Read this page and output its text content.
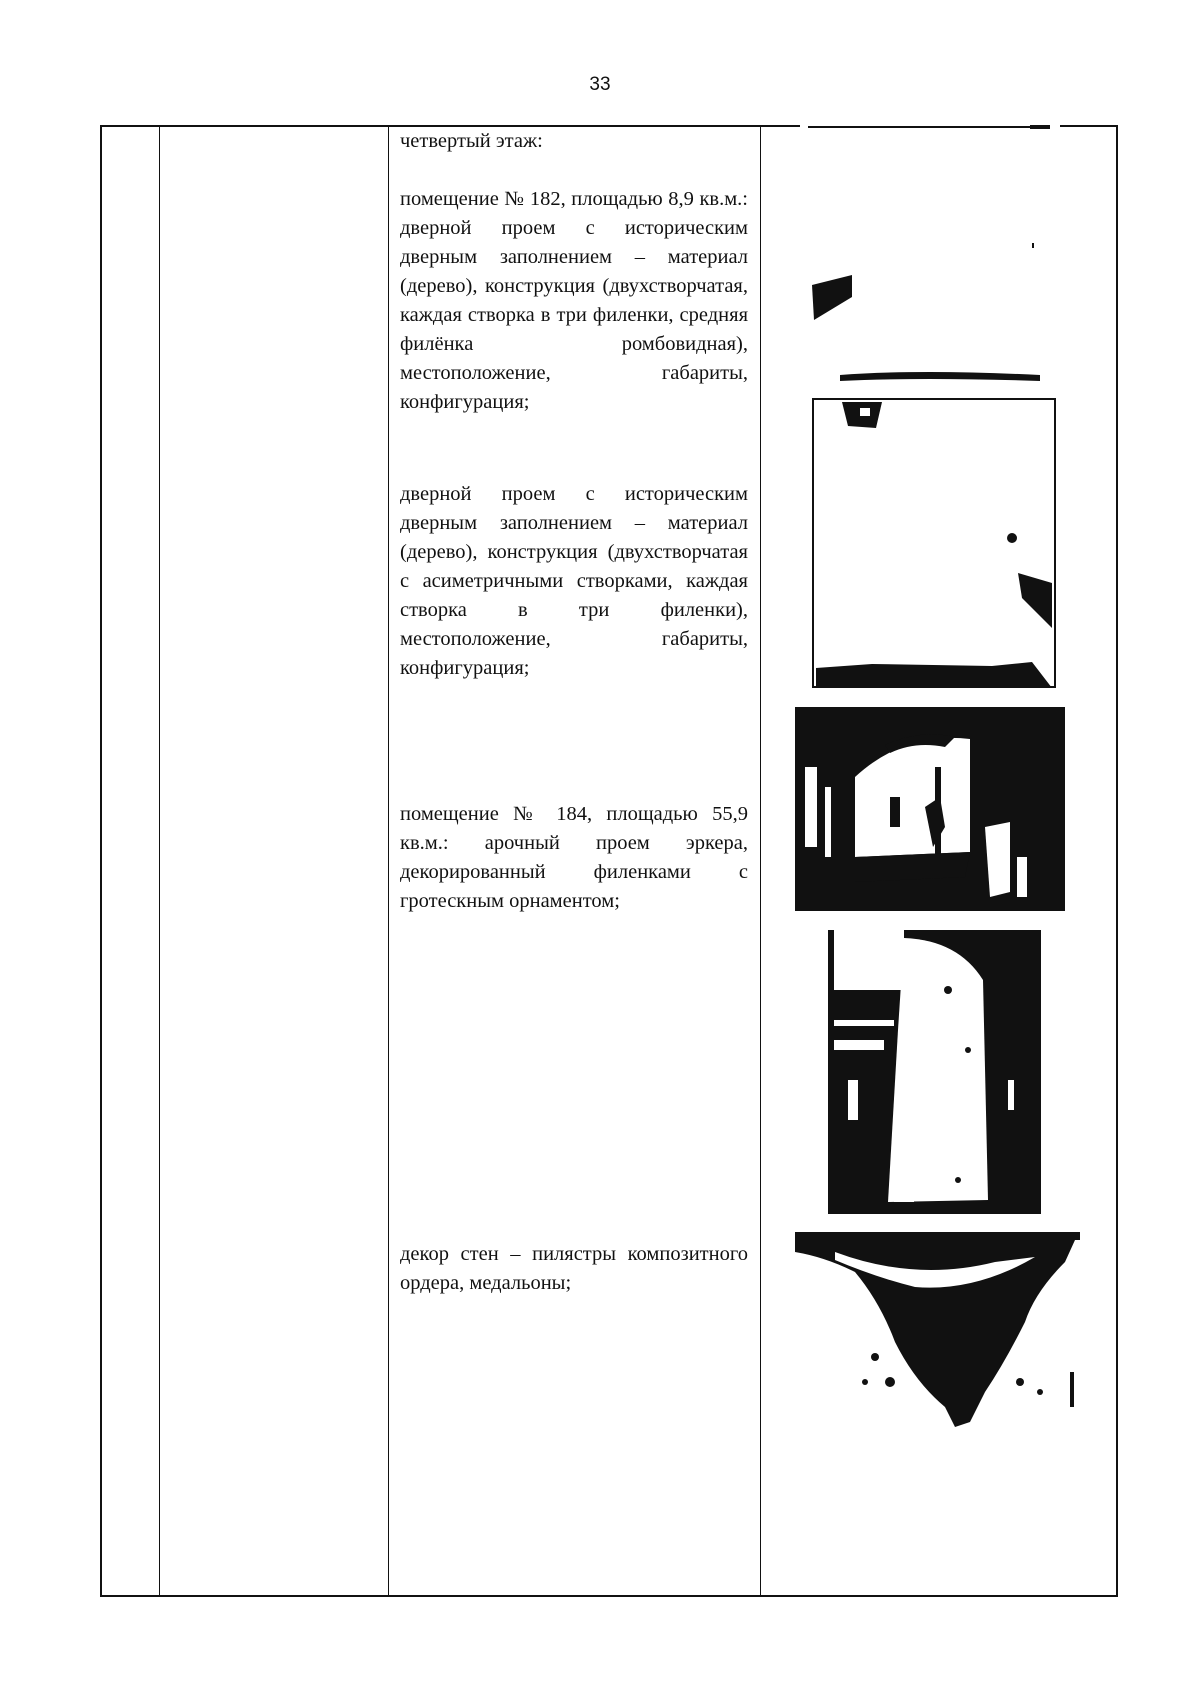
33

четвертый этаж:

помещение № 182, площадью 8,9 кв.м.: дверной проем с историческим дверным заполнением – материал (дерево), конструкция (двухстворчатая, каждая створка в три филенки, средняя филёнка ромбовидная), местоположение, габариты, конфигурация;

дверной проем с историческим дверным заполнением – материал (дерево), конструкция (двухстворчатая с асиметричными створками, каждая створка в три филенки), местоположение, габариты, конфигурация;

помещение № 184, площадью 55,9 кв.м.: арочный проем эркера, декорированный филенками с гротескным орнаментом;

декор стен – пилястры композитного ордера, медальоны;
